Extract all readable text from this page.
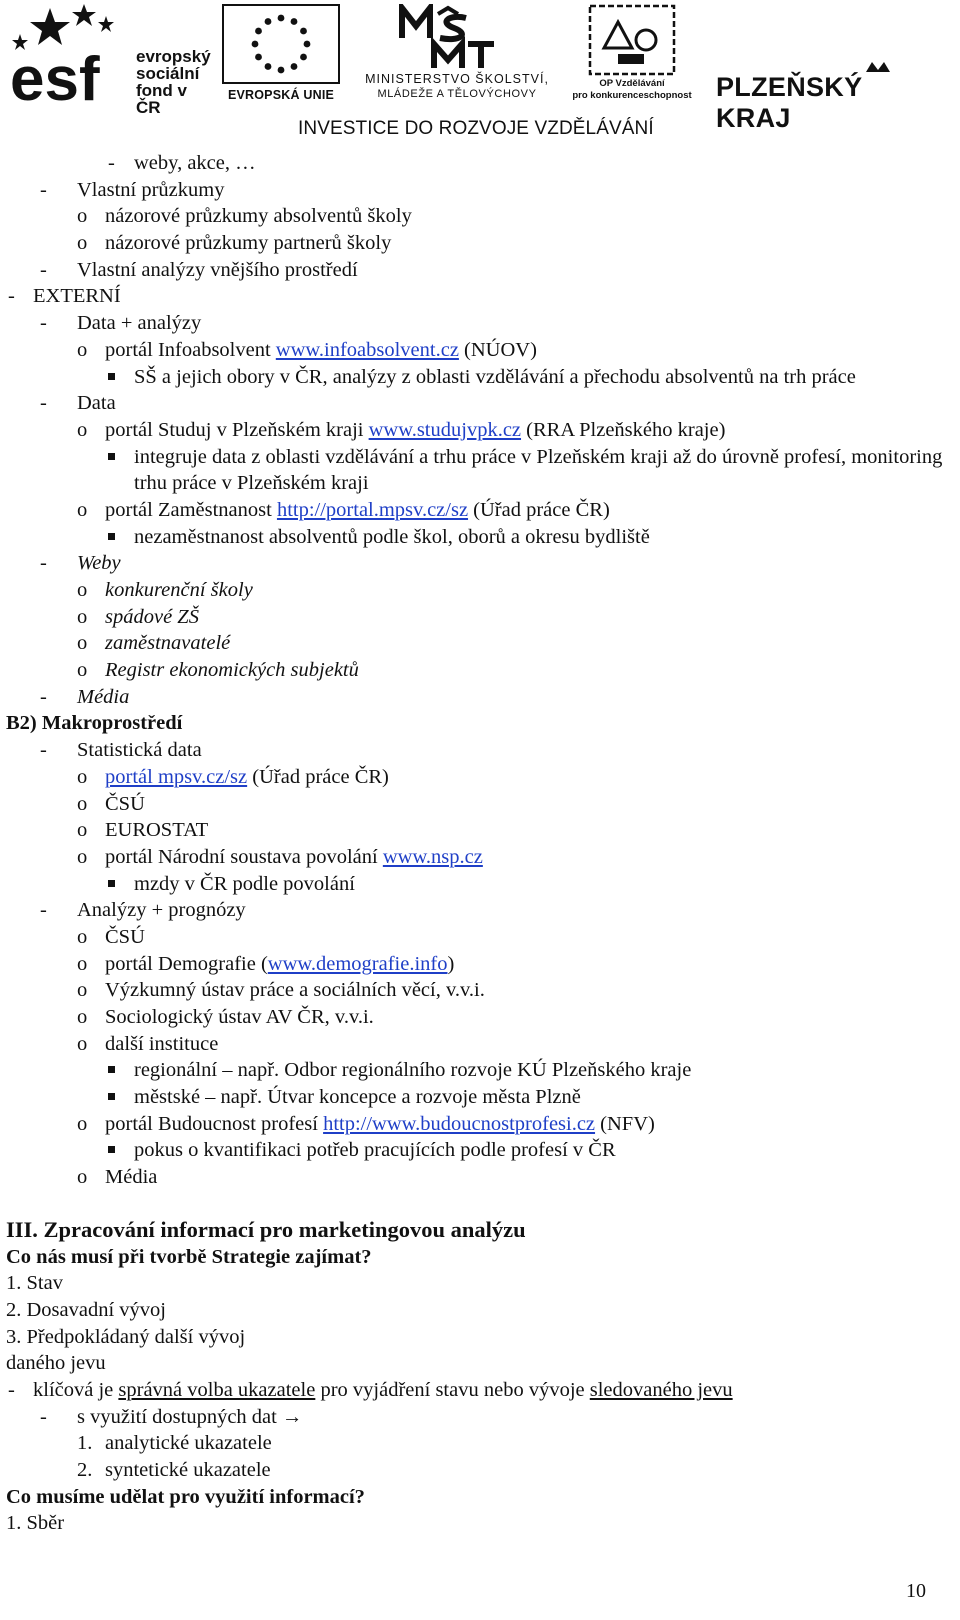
esf evropský
sociální
fond v ČR
EVROPSKÁ UNIE
MINISTERSTVO ŠKOLSTVÍ,
MLÁDEŽE A TĚLOVÝCHOVY
OP Vzdělávání
pro konkurenceschopnost PLZEŇSKÝ KRAJ
INVESTICE DO ROZVOJE VZDĚLÁVÁNÍ
- weby, akce, …
- Vlastní průzkumy
o názorové průzkumy absolventů školy
o názorové průzkumy partnerů školy
- Vlastní analýzy vnějšího prostředí
- EXTERNÍ
- Data + analýzy
o portál Infoabsolvent www.infoabsolvent.cz (NÚOV)
SŠ a jejich obory v ČR, analýzy z oblasti vzdělávání a přechodu absolventů na trh práce
- Data
o portál Studuj v Plzeňském kraji www.studujvpk.cz (RRA Plzeňského kraje)
integruje data z oblasti vzdělávání a trhu práce v Plzeňském kraji až do úrovně profesí, monitoring trhu práce v Plzeňském kraji
o portál Zaměstnanost http://portal.mpsv.cz/sz (Úřad práce ČR)
nezaměstnanost absolventů podle škol, oborů a okresu bydliště
- Weby
o konkurenční školy
o spádové ZŠ
o zaměstnavatelé
o Registr ekonomických subjektů
- Média
B2) Makroprostředí
- Statistická data
o portál mpsv.cz/sz (Úřad práce ČR)
o ČSÚ
o EUROSTAT
o portál Národní soustava povolání www.nsp.cz
mzdy v ČR podle povolání
- Analýzy + prognózy
o ČSÚ
o portál Demografie (www.demografie.info)
o Výzkumný ústav práce a sociálních věcí, v.v.i.
o Sociologický ústav AV ČR, v.v.i.
o další instituce
regionální – např. Odbor regionálního rozvoje KÚ Plzeňského kraje
městské – např. Útvar koncepce a rozvoje města Plzně
o portál Budoucnost profesí http://www.budoucnostprofesi.cz (NFV)
pokus o kvantifikaci potřeb pracujících podle profesí v ČR
o Média
III. Zpracování informací pro marketingovou analýzu
Co nás musí při tvorbě Strategie zajímat?
1. Stav
2. Dosavadní vývoj
3. Předpokládaný další vývoj
daného jevu
- klíčová je správná volba ukazatele pro vyjádření stavu nebo vývoje sledovaného jevu
- s využití dostupných dat →
1. analytické ukazatele
2. syntetické ukazatele
Co musíme udělat pro využití informací?
1. Sběr
10
